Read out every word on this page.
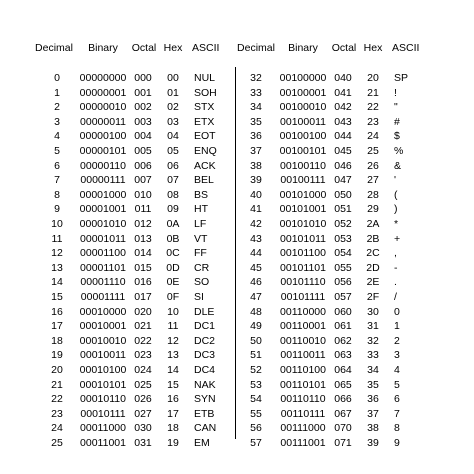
Decimal	Binary	Octal Hex ASCII	Decimal	Binary	Octal Hex ASCII
0	00000000 000	00	NUL
1	00000001 001	01	SOH
2	00000010 002	02	STX
3	00000011 003	03	ETX
4	00000100 004	04	EOT
5	00000101 005	05	ENQ
6	00000110 006	06	ACK
7	00000111 007	07	BEL
8	00001000 010	08	BS
9	00001001 011	09	HT
10	00001010 012	0A	LF
11	00001011 013	0B	VT
12	00001100 014	0C	FF
13	00001101 015	0D	CR
14	00001110 016	0E	SO
15	00001111 017	0F	SI
16	00010000 020	10	DLE
17	00010001 021	11	DC1
18	00010010 022	12	DC2
19	00010011 023	13	DC3
20	00010100 024	14	DC4
21	00010101 025	15	NAK
22	00010110 026	16	SYN
23	00010111 027	17	ETB
24	00011000 030	18	CAN
25	00011001 031	19	EM
32	00100000 040	20	SP
33	00100001 041	21	!
34	00100010 042	22	"
35	00100011 043	23	#
36	00100100 044	24	$
37	00100101 045	25	%
38	00100110 046	26	&
39	00100111 047	27	'
40	00101000 050	28	(
41	00101001 051	29	)
42	00101010 052	2A	*
43	00101011 053	2B	+
44	00101100 054	2C	,
45	00101101 055	2D	-
46	00101110 056	2E	.
47	00101111 057	2F	/
48	00110000 060	30	0
49	00110001 061	31	1
50	00110010 062	32	2
51	00110011 063	33	3
52	00110100 064	34	4
53	00110101 065	35	5
54	00110110 066	36	6
55	00110111 067	37	7
56	00111000 070	38	8
57	00111001 071	39	9
